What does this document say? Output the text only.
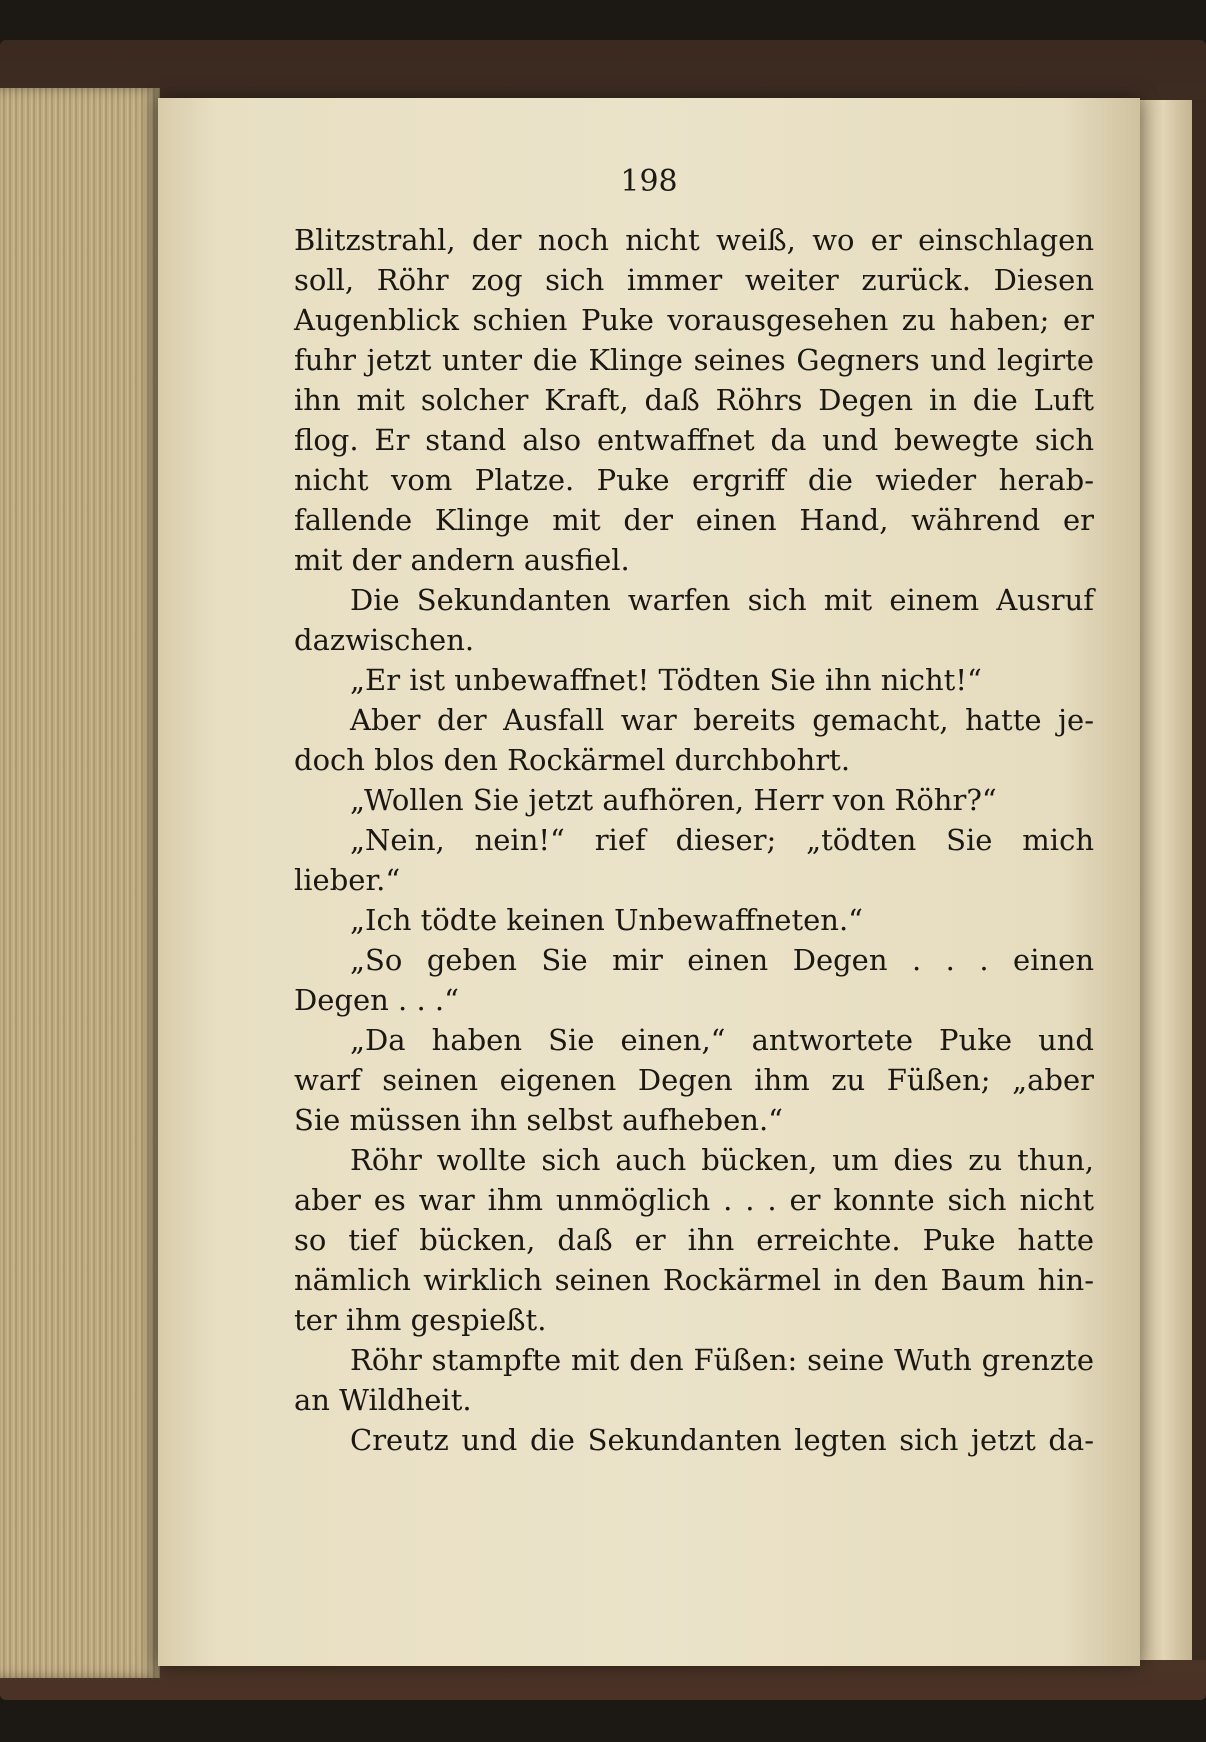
198
Blitzstrahl, der noch nicht weiß, wo er einschlagen
soll, Röhr zog sich immer weiter zurück. Diesen
Augenblick schien Puke vorausgesehen zu haben; er
fuhr jetzt unter die Klinge seines Gegners und legirte
ihn mit solcher Kraft, daß Röhrs Degen in die Luft
flog. Er stand also entwaffnet da und bewegte sich
nicht vom Platze. Puke ergriff die wieder herab-
fallende Klinge mit der einen Hand, während er
mit der andern ausfiel.
Die Sekundanten warfen sich mit einem Ausruf
dazwischen.
„Er ist unbewaffnet! Tödten Sie ihn nicht!“
Aber der Ausfall war bereits gemacht, hatte je-
doch blos den Rockärmel durchbohrt.
„Wollen Sie jetzt aufhören, Herr von Röhr?“
„Nein, nein!“ rief dieser; „tödten Sie mich
lieber.“
„Ich tödte keinen Unbewaffneten.“
„So geben Sie mir einen Degen . . . einen
Degen . . .“
„Da haben Sie einen,“ antwortete Puke und
warf seinen eigenen Degen ihm zu Füßen; „aber
Sie müssen ihn selbst aufheben.“
Röhr wollte sich auch bücken, um dies zu thun,
aber es war ihm unmöglich . . . er konnte sich nicht
so tief bücken, daß er ihn erreichte. Puke hatte
nämlich wirklich seinen Rockärmel in den Baum hin-
ter ihm gespießt.
Röhr stampfte mit den Füßen: seine Wuth grenzte
an Wildheit.
Creutz und die Sekundanten legten sich jetzt da-
